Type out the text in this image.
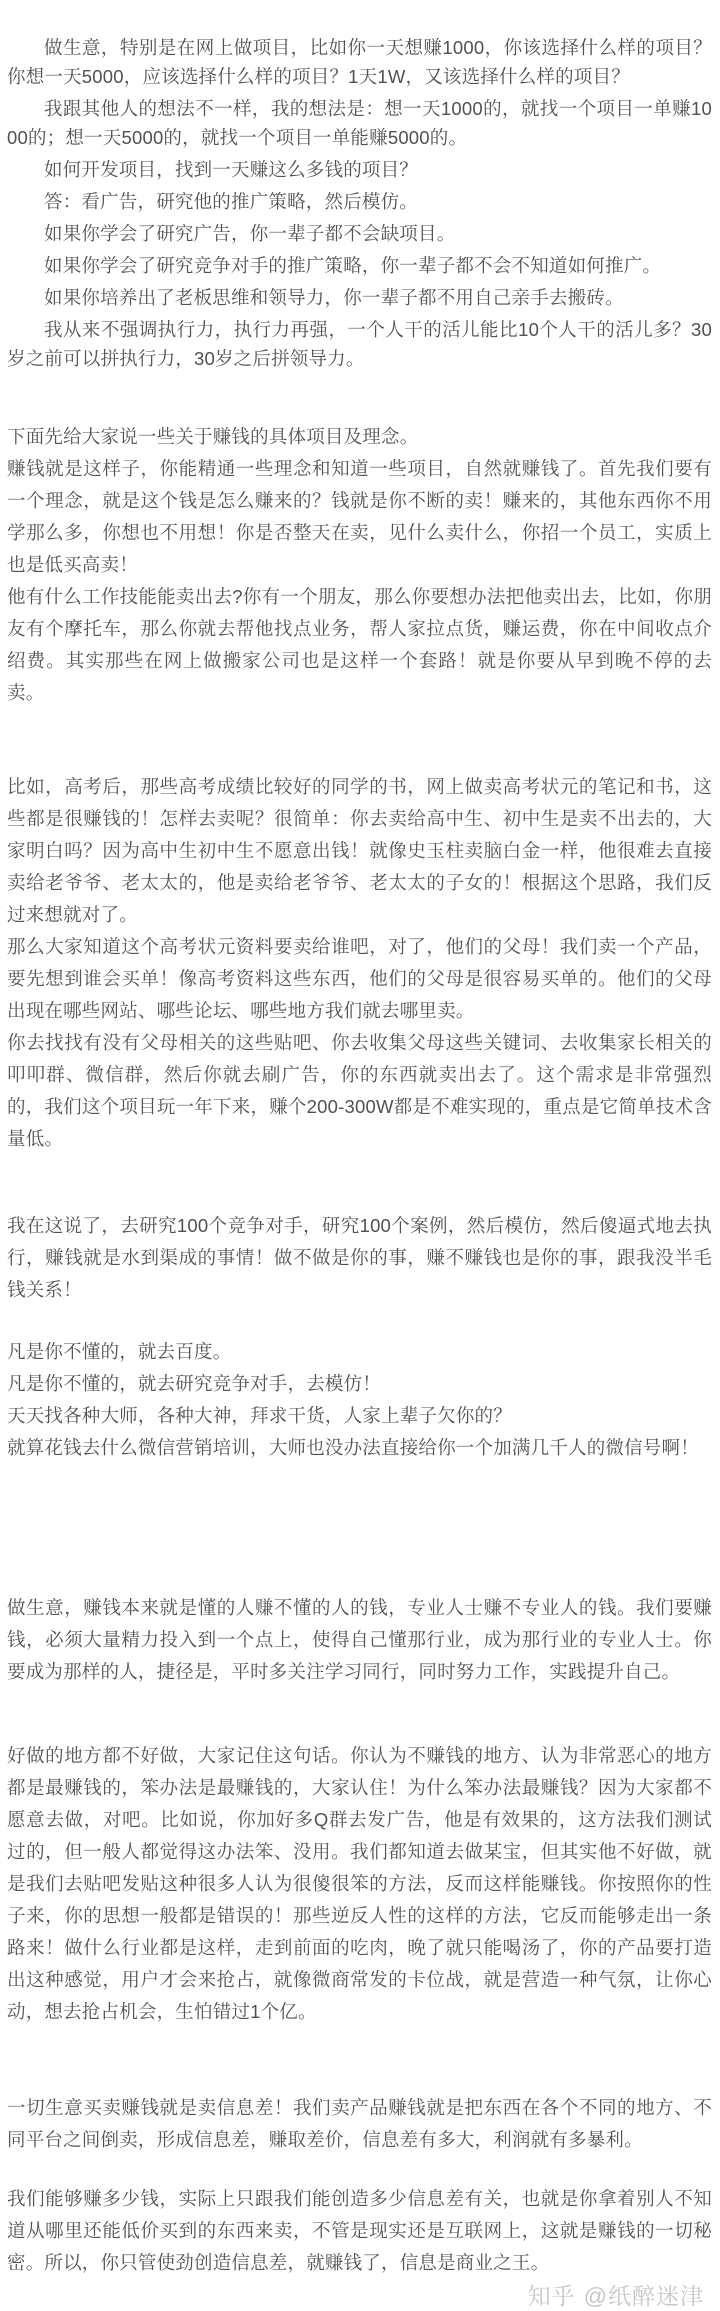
做生意，特别是在网上做项目，比如你一天想赚1000，你该选择什么样的项目？你想一天5000，应该选择什么样的项目？1天1W，又该选择什么样的项目？

我跟其他人的想法不一样，我的想法是：想一天1000的，就找一个项目一单赚1000的；想一天5000的，就找一个项目一单能赚5000的。

如何开发项目，找到一天赚这么多钱的项目？

答：看广告，研究他的推广策略，然后模仿。

如果你学会了研究广告，你一辈子都不会缺项目。

如果你学会了研究竞争对手的推广策略，你一辈子都不会不知道如何推广。

如果你培养出了老板思维和领导力，你一辈子都不用自己亲手去搬砖。

我从来不强调执行力，执行力再强，一个人干的活儿能比10个人干的活儿多？30岁之前可以拼执行力，30岁之后拼领导力。

下面先给大家说一些关于赚钱的具体项目及理念。

赚钱就是这样子，你能精通一些理念和知道一些项目，自然就赚钱了。首先我们要有一个理念，就是这个钱是怎么赚来的？钱就是你不断的卖！赚来的，其他东西你不用学那么多，你想也不用想！你是否整天在卖，见什么卖什么，你招一个员工，实质上也是低买高卖！

他有什么工作技能能卖出去?你有一个朋友，那么你要想办法把他卖出去，比如，你朋友有个摩托车，那么你就去帮他找点业务，帮人家拉点货，赚运费，你在中间收点介绍费。其实那些在网上做搬家公司也是这样一个套路！就是你要从早到晚不停的去卖。

比如，高考后，那些高考成绩比较好的同学的书，网上做卖高考状元的笔记和书，这些都是很赚钱的！怎样去卖呢？很简单：你去卖给高中生、初中生是卖不出去的，大家明白吗？因为高中生初中生不愿意出钱！就像史玉柱卖脑白金一样，他很难去直接卖给老爷爷、老太太的，他是卖给老爷爷、老太太的子女的！根据这个思路，我们反过来想就对了。

那么大家知道这个高考状元资料要卖给谁吧，对了，他们的父母！我们卖一个产品，要先想到谁会买单！像高考资料这些东西，他们的父母是很容易买单的。他们的父母出现在哪些网站、哪些论坛、哪些地方我们就去哪里卖。

你去找找有没有父母相关的这些贴吧、你去收集父母这些关键词、去收集家长相关的叩叩群、微信群，然后你就去刷广告，你的东西就卖出去了。这个需求是非常强烈的，我们这个项目玩一年下来，赚个200-300W都是不难实现的，重点是它简单技术含量低。

我在这说了，去研究100个竞争对手，研究100个案例，然后模仿，然后傻逼式地去执行，赚钱就是水到渠成的事情！做不做是你的事，赚不赚钱也是你的事，跟我没半毛钱关系！

凡是你不懂的，就去百度。

凡是你不懂的，就去研究竞争对手，去模仿！

天天找各种大师，各种大神，拜求干货，人家上辈子欠你的？

就算花钱去什么微信营销培训，大师也没办法直接给你一个加满几千人的微信号啊！

做生意，赚钱本来就是懂的人赚不懂的人的钱，专业人士赚不专业人的钱。我们要赚钱，必须大量精力投入到一个点上，使得自己懂那行业，成为那行业的专业人士。你要成为那样的人，捷径是，平时多关注学习同行，同时努力工作，实践提升自己。

好做的地方都不好做，大家记住这句话。你认为不赚钱的地方、认为非常恶心的地方都是最赚钱的，笨办法是最赚钱的，大家认住！为什么笨办法最赚钱？因为大家都不愿意去做，对吧。比如说，你加好多Q群去发广告，他是有效果的，这方法我们测试过的，但一般人都觉得这办法笨、没用。我们都知道去做某宝，但其实他不好做，就是我们去贴吧发贴这种很多人认为很傻很笨的方法，反而这样能赚钱。你按照你的性子来，你的思想一般都是错误的！那些逆反人性的这样的方法，它反而能够走出一条路来！做什么行业都是这样，走到前面的吃肉，晚了就只能喝汤了，你的产品要打造出这种感觉，用户才会来抢占，就像微商常发的卡位战，就是营造一种气氛，让你心动，想去抢占机会，生怕错过1个亿。

一切生意买卖赚钱就是卖信息差！我们卖产品赚钱就是把东西在各个不同的地方、不同平台之间倒卖，形成信息差，赚取差价，信息差有多大，利润就有多暴利。

我们能够赚多少钱，实际上只跟我们能创造多少信息差有关，也就是你拿着别人不知道从哪里还能低价买到的东西来卖，不管是现实还是互联网上，这就是赚钱的一切秘密。所以，你只管使劲创造信息差，就赚钱了，信息是商业之王。

知乎 @纸醉迷津
